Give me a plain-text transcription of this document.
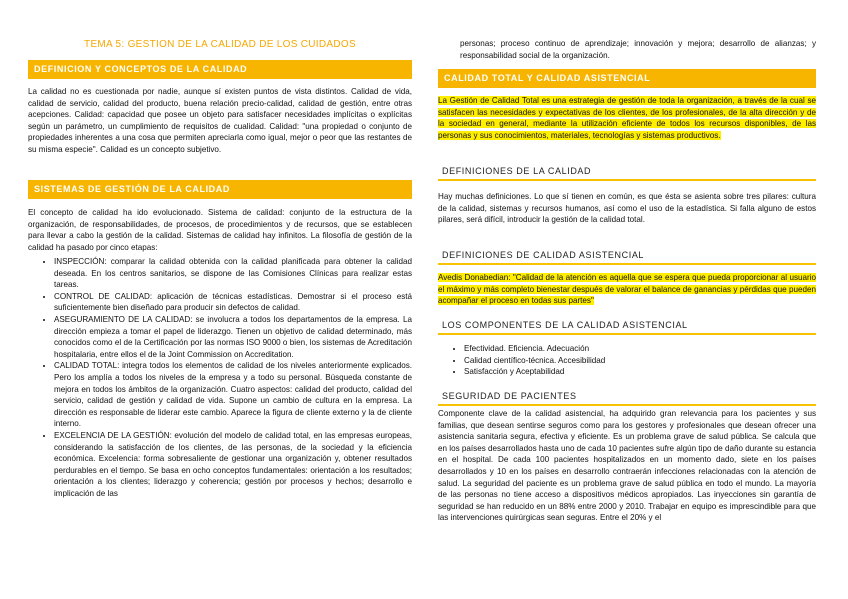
TEMA 5: GESTION DE LA CALIDAD DE LOS CUIDADOS
DEFINICION Y CONCEPTOS DE LA CALIDAD

La calidad no es cuestionada por nadie, aunque sí existen puntos de vista distintos. Calidad de vida, calidad de servicio, calidad del producto, buena relación precio-calidad, calidad de gestión, entre otras acepciones. Calidad: capacidad que posee un objeto para satisfacer necesidades implícitas o explícitas según un parámetro, un cumplimiento de requisitos de cualidad. Calidad: "una propiedad o conjunto de propiedades inherentes a una cosa que permiten apreciarla como igual, mejor o peor que las restantes de su misma especie". Calidad es un concepto subjetivo.

SISTEMAS DE GESTIÓN DE LA CALIDAD

El concepto de calidad ha ido evolucionado. Sistema de calidad: conjunto de la estructura de la organización, de responsabilidades, de procesos, de procedimientos y de recursos, que se establecen para llevar a cabo la gestión de la calidad. Sistemas de calidad hay infinitos. La filosofía de gestión de la calidad ha pasado por cinco etapas:

• INSPECCIÓN: comparar la calidad obtenida con la calidad planificada para obtener la calidad deseada. En los centros sanitarios, se dispone de las Comisiones Clínicas para realizar estas tareas.
• CONTROL DE CALIDAD: aplicación de técnicas estadísticas. Demostrar si el proceso está suficientemente bien diseñado para producir sin defectos de calidad.
• ASEGURAMIENTO DE LA CALIDAD: se involucra a todos los departamentos de la empresa. La dirección empieza a tomar el papel de liderazgo. Tienen un objetivo de calidad determinado, más conocidos como el de la Certificación por las normas ISO 9000 o bien, los sistemas de Acreditación hospitalaria, entre ellos el de la Joint Commission on Accreditation.
• CALIDAD TOTAL: integra todos los elementos de calidad de los niveles anteriormente explicados. Pero los amplía a todos los niveles de la empresa y a todo su personal. Búsqueda constante de mejora en todos los ámbitos de la organización. Cuatro aspectos: calidad del producto, calidad del servicio, calidad de gestión y calidad de vida. Supone un cambio de cultura en la empresa. La dirección es responsable de liderar este cambio. Aparece la figura de cliente externo y la de cliente interno.
• EXCELENCIA DE LA GESTIÓN: evolución del modelo de calidad total, en las empresas europeas, considerando la satisfacción de los clientes, de las personas, de la sociedad y la eficiencia económica. Excelencia: forma sobresaliente de gestionar una organización y, obtener resultados perdurables en el tiempo. Se basa en ocho conceptos fundamentales: orientación a los resultados; orientación a los clientes; liderazgo y coherencia; gestión por procesos y hechos; desarrollo e implicación de las

personas; proceso continuo de aprendizaje; innovación y mejora; desarrollo de alianzas; y responsabilidad social de la organización.

CALIDAD TOTAL Y CALIDAD ASISTENCIAL

La Gestión de Calidad Total es una estrategia de gestión de toda la organización, a través de la cual se satisfacen las necesidades y expectativas de los clientes, de los profesionales, de la alta dirección y de la sociedad en general, mediante la utilización eficiente de todos los recursos disponibles, de las personas y sus conocimientos, materiales, tecnologías y sistemas productivos.

DEFINICIONES DE LA CALIDAD

Hay muchas definiciones. Lo que sí tienen en común, es que ésta se asienta sobre tres pilares: cultura de la calidad, sistemas y recursos humanos, así como el uso de la estadística. Si falla alguno de estos pilares, será difícil, introducir la gestión de la calidad total.

DEFINICIONES DE CALIDAD ASISTENCIAL

Avedis Donabedian: "Calidad de la atención es aquella que se espera que pueda proporcionar al usuario el máximo y más completo bienestar después de valorar el balance de ganancias y pérdidas que pueden acompañar el proceso en todas sus partes"

LOS COMPONENTES DE LA CALIDAD ASISTENCIAL
• Efectividad. Eficiencia. Adecuación
• Calidad científico-técnica. Accesibilidad
• Satisfacción y Aceptabilidad
SEGURIDAD DE PACIENTES

Componente clave de la calidad asistencial, ha adquirido gran relevancia para los pacientes y sus familias, que desean sentirse seguros como para los gestores y profesionales que desean ofrecer una asistencia sanitaria segura, efectiva y eficiente. Es un problema grave de salud pública. Se calcula que en los países desarrollados hasta uno de cada 10 pacientes sufre algún tipo de daño durante su estancia en el hospital. De cada 100 pacientes hospitalizados en un momento dado, siete en los países desarrollados y 10 en los países en desarrollo contraerán infecciones relacionadas con la atención de salud. La seguridad del paciente es un problema grave de salud pública en todo el mundo. La mayoría de las personas no tiene acceso a dispositivos médicos apropiados. Las inyecciones sin garantía de seguridad se han reducido en un 88% entre 2000 y 2010. Trabajar en equipo es imprescindible para que las intervenciones quirúrgicas sean seguras. Entre el 20% y el
